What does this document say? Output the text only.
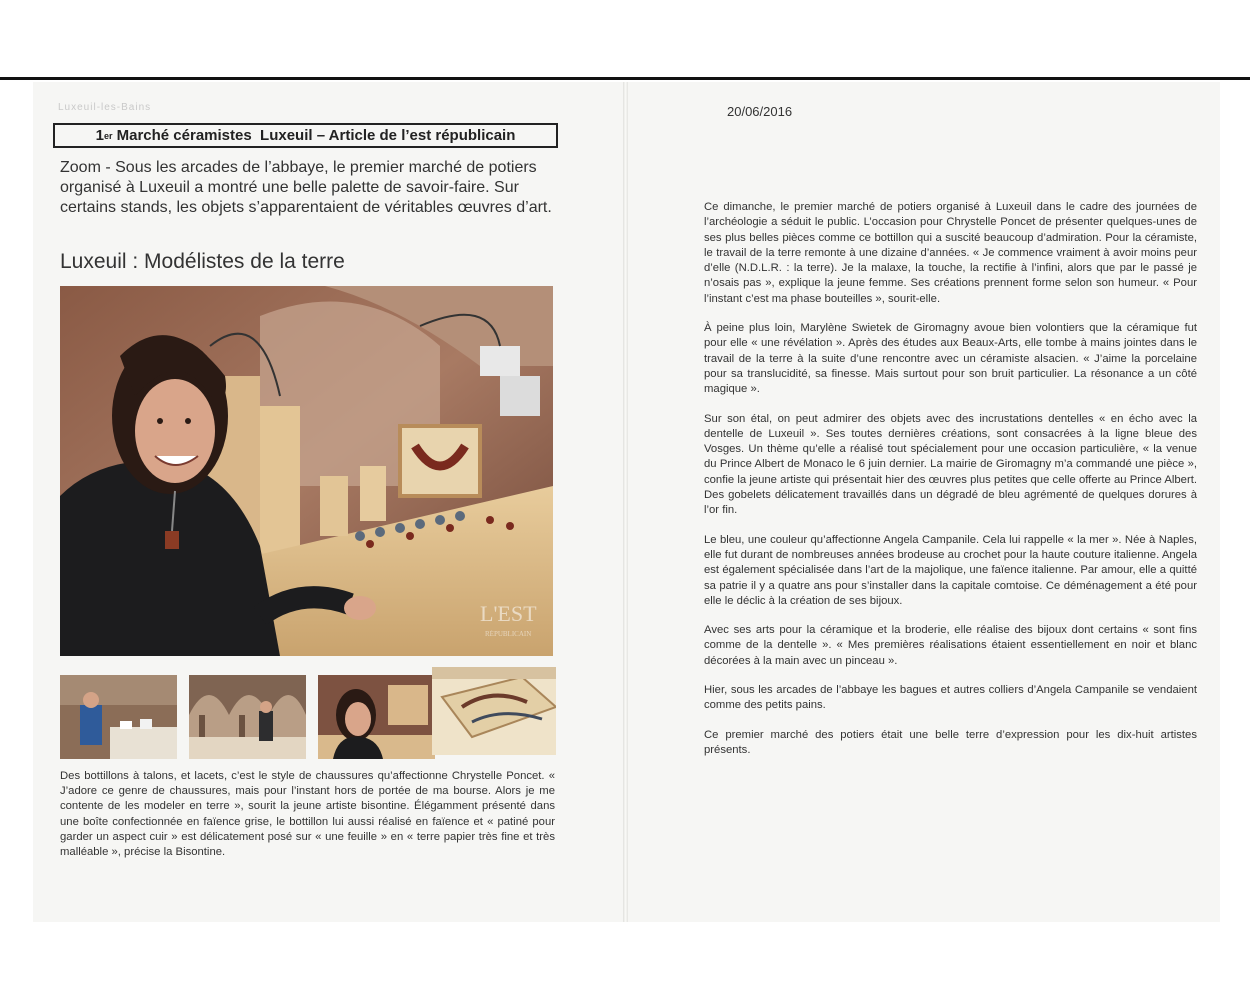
Luxeuil-les-Bains
1 er Marché céramistes  Luxeuil – Article de l’est républicain

Zoom - Sous les arcades de l’abbaye, le premier marché de potiers organisé à Luxeuil a montré une belle palette de savoir-faire. Sur certains stands, les objets s’apparentaient de véritables œuvres d’art.

Luxeuil : Modélistes de la terre
L'EST
RÉPUBLICAIN

Des bottillons à talons, et lacets, c’est le style de chaussures qu’affectionne Chrystelle Poncet. « J’adore ce genre de chaussures, mais pour l’instant hors de portée de ma bourse. Alors je me contente de les modeler en terre », sourit la jeune artiste bisontine. Élégamment présenté dans une boîte confectionnée en faïence grise, le bottillon lui aussi réalisé en faïence et « patiné pour garder un aspect cuir » est délicatement posé sur « une feuille » en « terre papier très fine et très malléable », précise la Bisontine.

20/06/2016

Ce dimanche, le premier marché de potiers organisé à Luxeuil dans le cadre des journées de l’archéologie a séduit le public. L’occasion pour Chrystelle Poncet de présenter quelques-unes de ses plus belles pièces comme ce bottillon qui a suscité beaucoup d’admiration. Pour la céramiste, le travail de la terre remonte à une dizaine d’années. « Je commence vraiment à avoir moins peur d’elle (N.D.L.R. : la terre). Je la malaxe, la touche, la rectifie à l’infini, alors que par le passé je n’osais pas », explique la jeune femme. Ses créations prennent forme selon son humeur. « Pour l’instant c’est ma phase bouteilles », sourit-elle.

À peine plus loin, Marylène Swietek de Giromagny avoue bien volontiers que la céramique fut pour elle « une révélation ». Après des études aux Beaux-Arts, elle tombe à mains jointes dans le travail de la terre à la suite d’une rencontre avec un céramiste alsacien. « J’aime la porcelaine pour sa translucidité, sa finesse. Mais surtout pour son bruit particulier. La résonance a un côté magique ».

Sur son étal, on peut admirer des objets avec des incrustations dentelles « en écho avec la dentelle de Luxeuil ». Ses toutes dernières créations, sont consacrées à la ligne bleue des Vosges. Un thème qu’elle a réalisé tout spécialement pour une occasion particulière, « la venue du Prince Albert de Monaco le 6 juin dernier. La mairie de Giromagny m’a commandé une pièce », confie la jeune artiste qui présentait hier des œuvres plus petites que celle offerte au Prince Albert. Des gobelets délicatement travaillés dans un dégradé de bleu agrémenté de quelques dorures à l’or fin.

Le bleu, une couleur qu’affectionne Angela Campanile. Cela lui rappelle « la mer ». Née à Naples, elle fut durant de nombreuses années brodeuse au crochet pour la haute couture italienne. Angela est également spécialisée dans l’art de la majolique, une faïence italienne. Par amour, elle a quitté sa patrie il y a quatre ans pour s’installer dans la capitale comtoise. Ce déménagement a été pour elle le déclic à la création de ses bijoux.

Avec ses arts pour la céramique et la broderie, elle réalise des bijoux dont certains « sont fins comme de la dentelle ». « Mes premières réalisations étaient essentiellement en noir et blanc décorées à la main avec un pinceau ».

Hier, sous les arcades de l’abbaye les bagues et autres colliers d’Angela Campanile se vendaient comme des petits pains.

Ce premier marché des potiers était une belle terre d’expression pour les dix-huit artistes présents.
